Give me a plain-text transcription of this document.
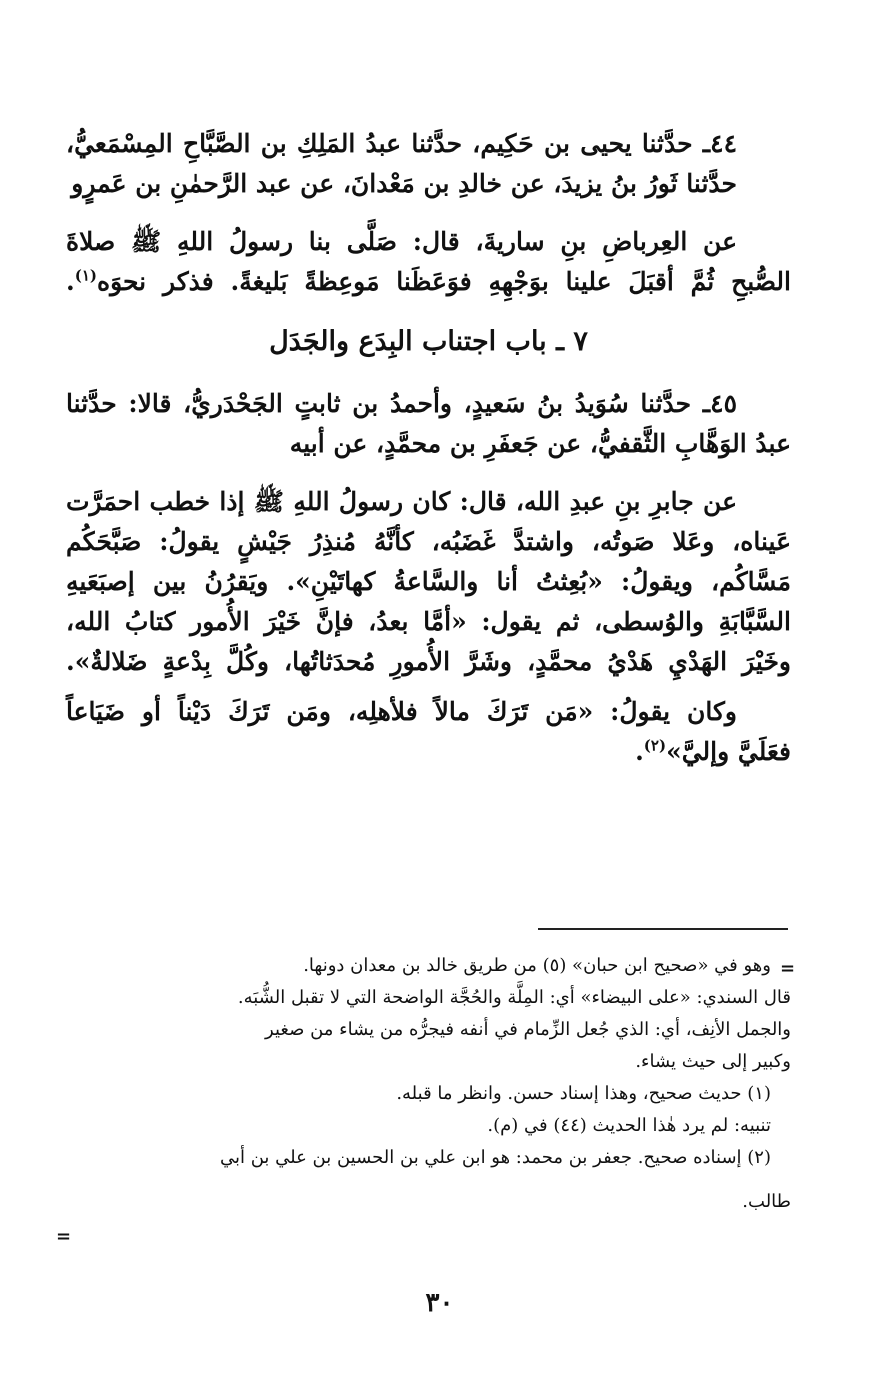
٤٤ـ حدَّثنا يحيى بن حَكِيم، حدَّثنا عبدُ المَلِكِ بن الصَّبَّاحِ المِسْمَعيُّ،
حدَّثنا ثَورُ بنُ يزيدَ، عن خالدِ بن مَعْدانَ، عن عبد الرَّحمٰنِ بن عَمرٍو
عن العِرباضِ بنِ ساريةَ، قال: صَلَّى بنا رسولُ اللهِ ﷺ صلاةَ
الصُّبحِ ثُمَّ أقبَلَ علينا بوَجْهِهِ فوَعَظَنا مَوعِظةً بَليغةً. فذكر نحوَه$^{(١)}$.
٧ ـ باب اجتناب البِدَع والجَدَل
٤٥ـ حدَّثنا سُوَيدُ بنُ سَعيدٍ، وأحمدُ بن ثابتٍ الجَحْدَريُّ، قالا: حدَّثنا
عبدُ الوَهَّابِ الثَّقفيُّ، عن جَعفَرِ بن محمَّدٍ، عن أبيه
عن جابرِ بنِ عبدِ الله، قال: كان رسولُ اللهِ ﷺ إذا خطب احمَرَّت
عَيناه، وعَلا صَوتُه، واشتدَّ غَضَبُه، كأنَّهُ مُنذِرُ جَيْشٍ يقولُ: صَبَّحَكُم
مَسَّاكُم، ويقولُ: «بُعِثتُ أنا والسَّاعةُ كهاتَيْنِ». ويَقرُنُ بين إصبَعَيهِ
السَّبَّابَةِ والوُسطى، ثم يقول: «أمَّا بعدُ، فإنَّ خَيْرَ الأُمور كتابُ الله،
وخَيْرَ الهَدْيِ هَدْيُ محمَّدٍ، وشَرَّ الأُمورِ مُحدَثاتُها، وكُلَّ بِدْعةٍ ضَلالةٌ».
وكان يقولُ: «مَن تَرَكَ مالاً فلأهلِه، ومَن تَرَكَ دَيْناً أو ضَيَاعاً
فعَلَيَّ وإليَّ»$^{(٢)}$.
=
وهو في «صحيح ابن حبان» (٥) من طريق خالد بن معدان دونها.
قال السندي: «على البيضاء» أي: المِلَّة والحُجَّة الواضحة التي لا تقبل الشُّبَه.
والجمل الأنِف، أي: الذي جُعل الزِّمام في أنفه فيجرُّه من يشاء من صغير
وكبير إلى حيث يشاء.
(١) حديث صحيح، وهذا إسناد حسن. وانظر ما قبله.
تنبيه: لم يرد هٰذا الحديث (٤٤) في (م).
(٢) إسناده صحيح. جعفر بن محمد: هو ابن علي بن الحسين بن علي بن أبي
طالب.
=
٣٠
